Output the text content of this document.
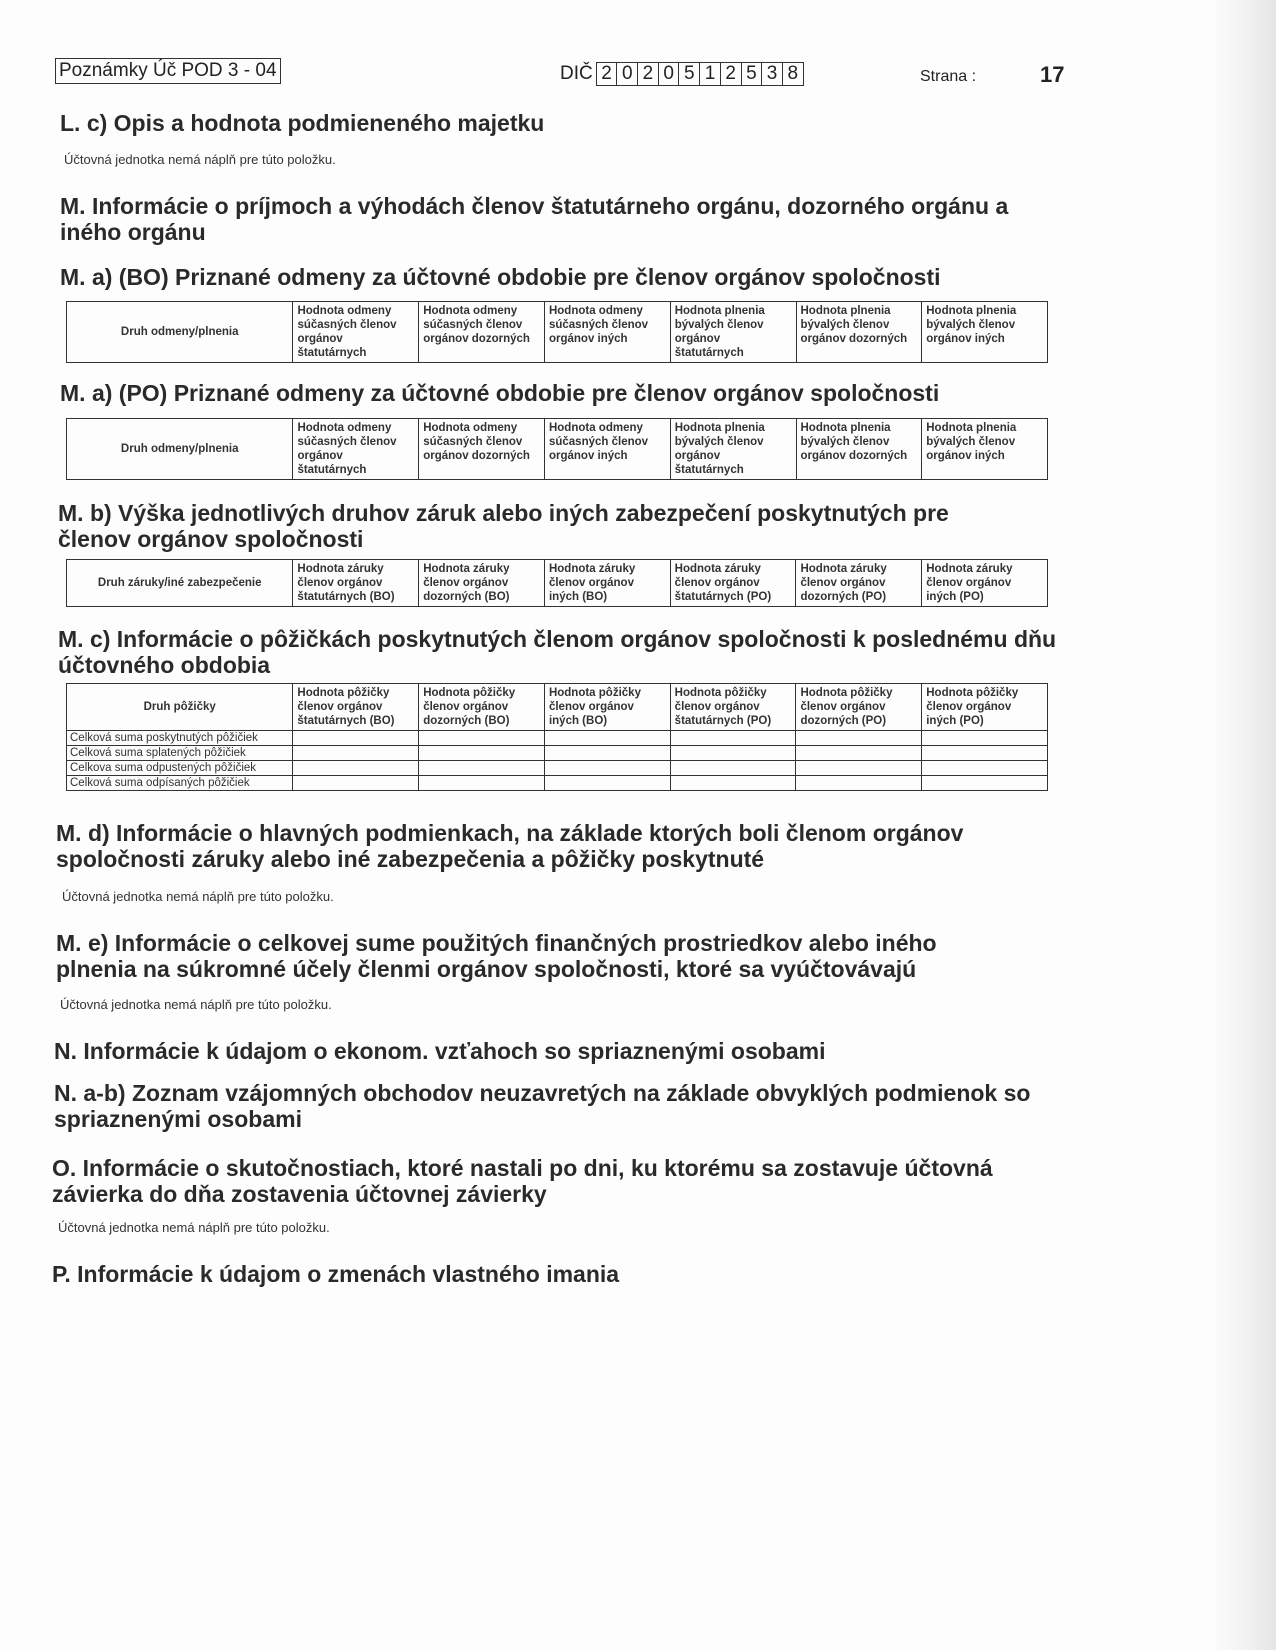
Poznámky Úč POD 3 - 04	DIČ 2 0 2 0 5 1 2 5 3 8	Strana :	17
L. c) Opis a hodnota podmieneného majetku
Účtovná jednotka nemá náplň pre túto položku.
M. Informácie o príjmoch a výhodách členov štatutárneho orgánu, dozorného orgánu a iného orgánu
M. a) (BO) Priznané odmeny za účtovné obdobie pre členov orgánov spoločnosti
Druh odmeny/plnenia	Hodnota odmeny súčasných členov orgánov štatutárnych	Hodnota odmeny súčasných členov orgánov dozorných	Hodnota odmeny súčasných členov orgánov iných	Hodnota plnenia bývalých členov orgánov štatutárnych	Hodnota plnenia bývalých členov orgánov dozorných	Hodnota plnenia bývalých členov orgánov iných
M. a) (PO) Priznané odmeny za účtovné obdobie pre členov orgánov spoločnosti
Druh odmeny/plnenia	Hodnota odmeny súčasných členov orgánov štatutárnych	Hodnota odmeny súčasných členov orgánov dozorných	Hodnota odmeny súčasných členov orgánov iných	Hodnota plnenia bývalých členov orgánov štatutárnych	Hodnota plnenia bývalých členov orgánov dozorných	Hodnota plnenia bývalých členov orgánov iných
M. b) Výška jednotlivých druhov záruk alebo iných zabezpečení poskytnutých pre členov orgánov spoločnosti
Druh záruky/iné zabezpečenie	Hodnota záruky členov orgánov štatutárnych (BO)	Hodnota záruky členov orgánov dozorných (BO)	Hodnota záruky členov orgánov iných (BO)	Hodnota záruky členov orgánov štatutárnych (PO)	Hodnota záruky členov orgánov dozorných (PO)	Hodnota záruky členov orgánov iných (PO)
M. c) Informácie o pôžičkách poskytnutých členom orgánov spoločnosti k poslednému dňu účtovného obdobia
Druh pôžičky	Hodnota pôžičky členov orgánov štatutárnych (BO)	Hodnota pôžičky členov orgánov dozorných (BO)	Hodnota pôžičky členov orgánov iných (BO)	Hodnota pôžičky členov orgánov štatutárnych (PO)	Hodnota pôžičky členov orgánov dozorných (PO)	Hodnota pôžičky členov orgánov iných (PO)
Celková suma poskytnutých pôžičiek						
Celková suma splatených pôžičiek						
Celkova suma odpustených pôžičiek						
Celková suma odpísaných pôžičiek						
M. d) Informácie o hlavných podmienkach, na základe ktorých boli členom orgánov spoločnosti záruky alebo iné zabezpečenia a pôžičky poskytnuté
Účtovná jednotka nemá náplň pre túto položku.
M. e) Informácie o celkovej sume použitých finančných prostriedkov alebo iného plnenia na súkromné účely členmi orgánov spoločnosti, ktoré sa vyúčtovávajú
Účtovná jednotka nemá náplň pre túto položku.
N. Informácie k údajom o ekonom. vzťahoch so spriaznenými osobami
N. a-b) Zoznam vzájomných obchodov neuzavretých na základe obvyklých podmienok so spriaznenými osobami
O. Informácie o skutočnostiach, ktoré nastali po dni, ku ktorému sa zostavuje účtovná závierka do dňa zostavenia účtovnej závierky
Účtovná jednotka nemá náplň pre túto položku.
P. Informácie k údajom o zmenách vlastného imania
